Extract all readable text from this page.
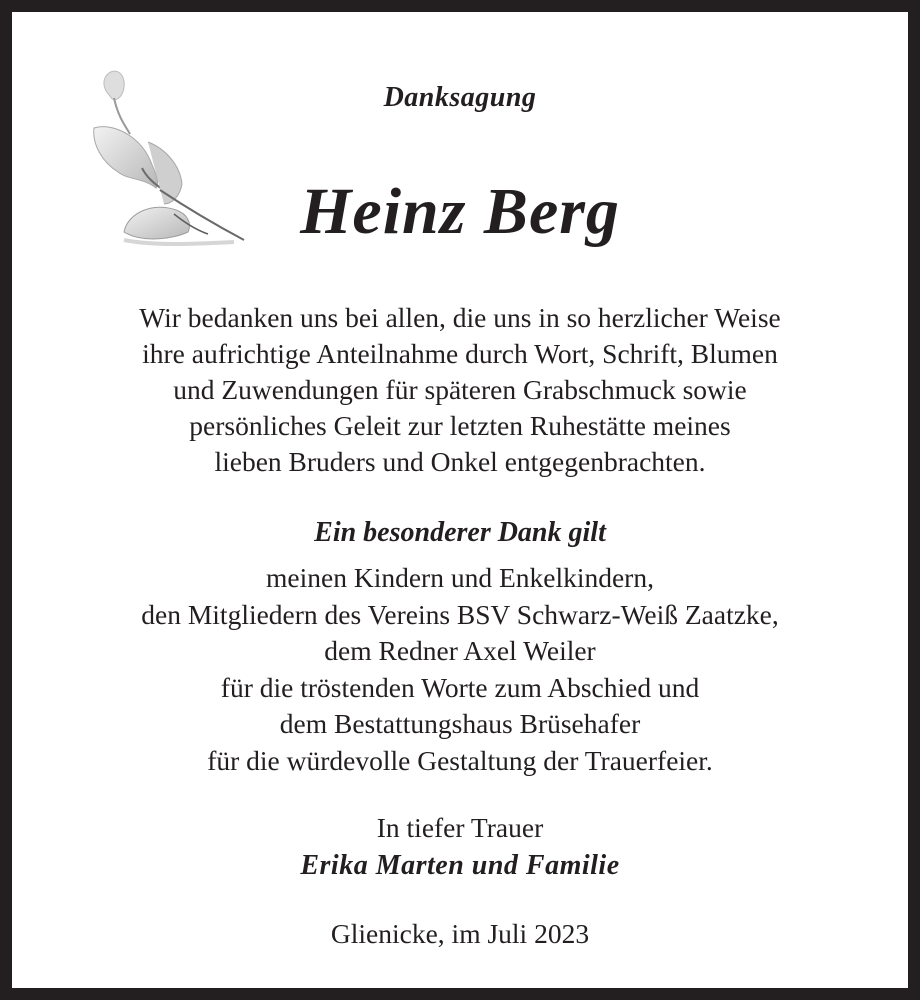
Danksagung
Heinz Berg
Wir bedanken uns bei allen, die uns in so herzlicher Weise
ihre aufrichtige Anteilnahme durch Wort, Schrift, Blumen
und Zuwendungen für späteren Grabschmuck sowie
persönliches Geleit zur letzten Ruhestätte meines
lieben Bruders und Onkel entgegenbrachten.
Ein besonderer Dank gilt
meinen Kindern und Enkelkindern,
den Mitgliedern des Vereins BSV Schwarz-Weiß Zaatzke,
dem Redner Axel Weiler
für die tröstenden Worte zum Abschied und
dem Bestattungshaus Brüsehafer
für die würdevolle Gestaltung der Trauerfeier.
In tiefer Trauer
Erika Marten und Familie
Glienicke, im Juli 2023
